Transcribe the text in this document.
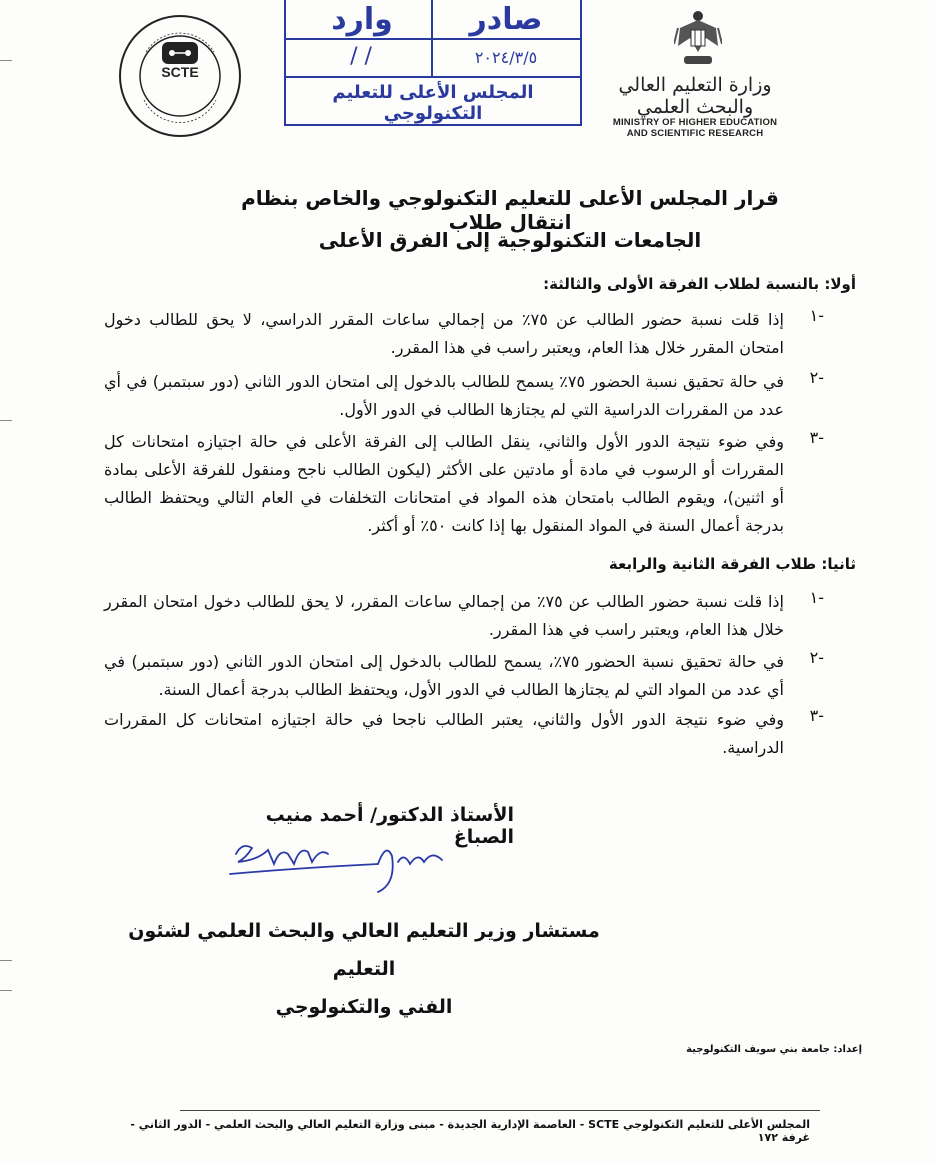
SCTE
وارد	صادر
/ /	٢٠٢٤/٣/٥
المجلس الأعلى للتعليم التكنولوجي
وزارة التعليم العالي والبحث العلمي
MINISTRY OF HIGHER EDUCATION
AND SCIENTIFIC RESEARCH
قرار المجلس الأعلى للتعليم التكنولوجي والخاص بنظام انتقال طلاب
الجامعات التكنولوجية إلى الفرق الأعلى
أولا: بالنسبة لطلاب الفرقة الأولى والثالثة:
-١
إذا قلت نسبة حضور الطالب عن ٧٥٪ من إجمالي ساعات المقرر الدراسي، لا يحق للطالب دخول امتحان المقرر خلال هذا العام، ويعتبر راسب في هذا المقرر.
-٢
في حالة تحقيق نسبة الحضور ٧٥٪ يسمح للطالب بالدخول إلى امتحان الدور الثاني (دور سبتمبر) في أي عدد من المقررات الدراسية التي لم يجتازها الطالب في الدور الأول.
-٣
وفي ضوء نتيجة الدور الأول والثاني، ينقل الطالب إلى الفرقة الأعلى في حالة اجتيازه امتحانات كل المقررات أو الرسوب في مادة أو مادتين على الأكثر (ليكون الطالب ناجح ومنقول للفرقة الأعلى بمادة أو اثنين)، ويقوم الطالب بامتحان هذه المواد في امتحانات التخلفات في العام التالي ويحتفظ الطالب بدرجة أعمال السنة في المواد المنقول بها إذا كانت ٥٠٪ أو أكثر.
ثانيا: طلاب الفرقة الثانية والرابعة
-١
إذا قلت نسبة حضور الطالب عن ٧٥٪ من إجمالي ساعات المقرر، لا يحق للطالب دخول امتحان المقرر خلال هذا العام، ويعتبر راسب في هذا المقرر.
-٢
في حالة تحقيق نسبة الحضور ٧٥٪، يسمح للطالب بالدخول إلى امتحان الدور الثاني (دور سبتمبر) في أي عدد من المواد التي لم يجتازها الطالب في الدور الأول، ويحتفظ الطالب بدرجة أعمال السنة.
-٣
وفي ضوء نتيجة الدور الأول والثاني، يعتبر الطالب ناجحا في حالة اجتيازه امتحانات كل المقررات الدراسية.
الأستاذ الدكتور/ أحمد منيب الصباغ
مستشار وزير التعليم العالي والبحث العلمي لشئون التعليم
الفني والتكنولوجي
إعداد: جامعة بني سويف التكنولوجية
المجلس الأعلى للتعليم التكنولوجي SCTE - العاصمة الإدارية الجديدة - مبنى وزارة التعليم العالي والبحث العلمي - الدور الثاني - غرفة ١٧٢
